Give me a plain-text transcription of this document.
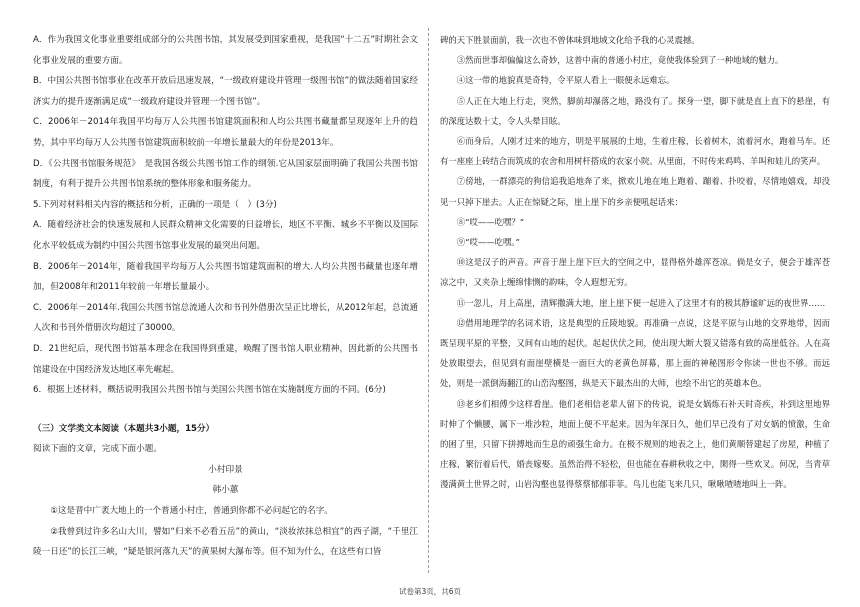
A．作为我国文化事业重要组成部分的公共图书馆，其发展受到国家重视，是我国“十二五”时期社会文化事业发展的重要方面。

B．中国公共图书馆事业在改革开放后迅速发展，“一级政府建设并管理一级图书馆”的做法随着国家经济实力的提升逐渐满足成“一级政府建设并管理一个图书馆”。

C．2006年－2014年我国平均每万人公共图书馆建筑面积和人均公共图书藏量都呈现逐年上升的趋势，其中平均每万人公共图书馆建筑面积较前一年增长量最大的年份是2013年。

D．《公共图书馆服务规范》　是我国各级公共图书馆工作的纲领.它从国家层面明确了我国公共图书馆制度，有利于提升公共图书馆系统的整体形象和服务能力。

5.下列对材料相关内容的概括和分析，正确的一项是（　）(3分)

A．随着经济社会的快速发展和人民群众精神文化需要的日益增长，地区不平衡、城乡不平衡以及国际化水平较低成为制约中国公共图书馆事业发展的最突出问题。

B．2006年－2014年，随着我国平均每万人公共图书馆建筑面积的增大.人均公共图书藏量也逐年增加，但2008年和2011年较前一年增长量最小。

C．2006年－2014年.我国公共图书馆总流通人次和书刊外借册次呈正比增长，从2012年起，总流通人次和书刊外借册次均超过了30000。

D．21世纪后，现代图书馆基本理念在我国得到重建，唤醒了图书馆人职业精神，因此新的公共图书馆建设在中国经济发达地区率先崛起。

6．根据上述材料，概括说明我国公共图书馆与美国公共图书馆在实施制度方面的不同。(6分)

（三）文学类文本阅读（本题共3小题，15分）

阅读下面的文章，完成下面小题。

小村印景

韩小蕙

①这是晋中广袤大地上的一个普通小村庄，普通到你都不必问起它的名字。

②我曾到过许多名山大川，譬如“归来不必看五岳”的黄山，“淡妆浓抹总相宜”的西子湖，“千里江陵一日还”的长江三峡，“疑是银河落九天”的黄果树大瀑布等。但不知为什么，在这些有口皆

碑的天下胜景面前，我一次也不曾体味到地域文化给予我的心灵震撼。

③然而世事却偏偏这么奇妙，这普中南的普通小村庄，竟使我体验到了一种地域的魅力。

④这一带的地貌真是奇特，令平原人看上一眼便永远难忘。

⑤人正在大地上行走，突然，脚前却瀑落之地，路没有了。探身一望，脚下就是直上直下的悬崖，有的深度达数十丈，令人头晕目眩。

⑥而身后，人刚才过来的地方，明是平展展的土地，生着庄稼，长着树木，流着河水，跑着马车。还有一座座上砖结合而筑成的农舍和用树杆搭成的农家小院。从里面，不时传来鸡鸣、羊叫和娃儿的笑声。

⑦傍地，一群漂亮的狗信追我追地奔了来，掀欢儿地在地上跑着、蹦着、扑咬着，尽情地嬉戏，却没见一只掉下崖去。人正在惊疑之际，崖上崖下的乡亲便吼起话来：

⑧“哎——吃嘿？”

⑨“哎——吃嘿。”

⑩这是汉子的声音。声音于崖上崖下巨大的空间之中，显得格外雄浑苍凉。倘是女子，便会于雄浑苍凉之中，又夹杂上缠绵悱恻的韵味，令人遐想无穷。

⑪一忽儿，月上高崖，清辉撒满大地，崖上崖下便一起进入了这里才有的极其静谧旷远的夜世界……

⑫借用地理学的名词术语，这是典型的丘陵地貌。再准确一点说，这是平原与山地的交界地带，因而既呈现平原的平整，又间有山地的起伏。起起伏伏之间，使出现大断大裂又错落有致的高崖低谷。人在高处放眼望去，但见到有面崖壁横是一面巨大的老黄色屏幕，那上面的神秘图形令你读一世也不够。而远处，则是一派倒海翻江的山峦沟壑图，纵是天下最杰出的大师，也绘不出它的英雄本色。

⑬老乡们相傅少这样看崖。他们老相信老辈人留下的传说，说是女娲炼石补天时奇疾，补到这里地界时伸了个懒腰，属下一堆沙粒，地面上便不平起来。因为年深日久，他们早已没有了对女娲的愤激，生命的困了里，只留下拼搏地而生息的顽强生命力。在极不规则的地表之上，他们黄顺替建起了房屋，种植了庄稼，繁衍着后代，婚丧嫁娶。虽然治得不轻松，但也能在春耕秋收之中，閑得一些欢叉。何况，当青草漫满黄土世界之时，山岩沟壑也显得蔡蔡郁郁菲菲。鸟儿也能飞来几只，啾啾喳喳地叫上一阵。

试卷第3页，共6页
